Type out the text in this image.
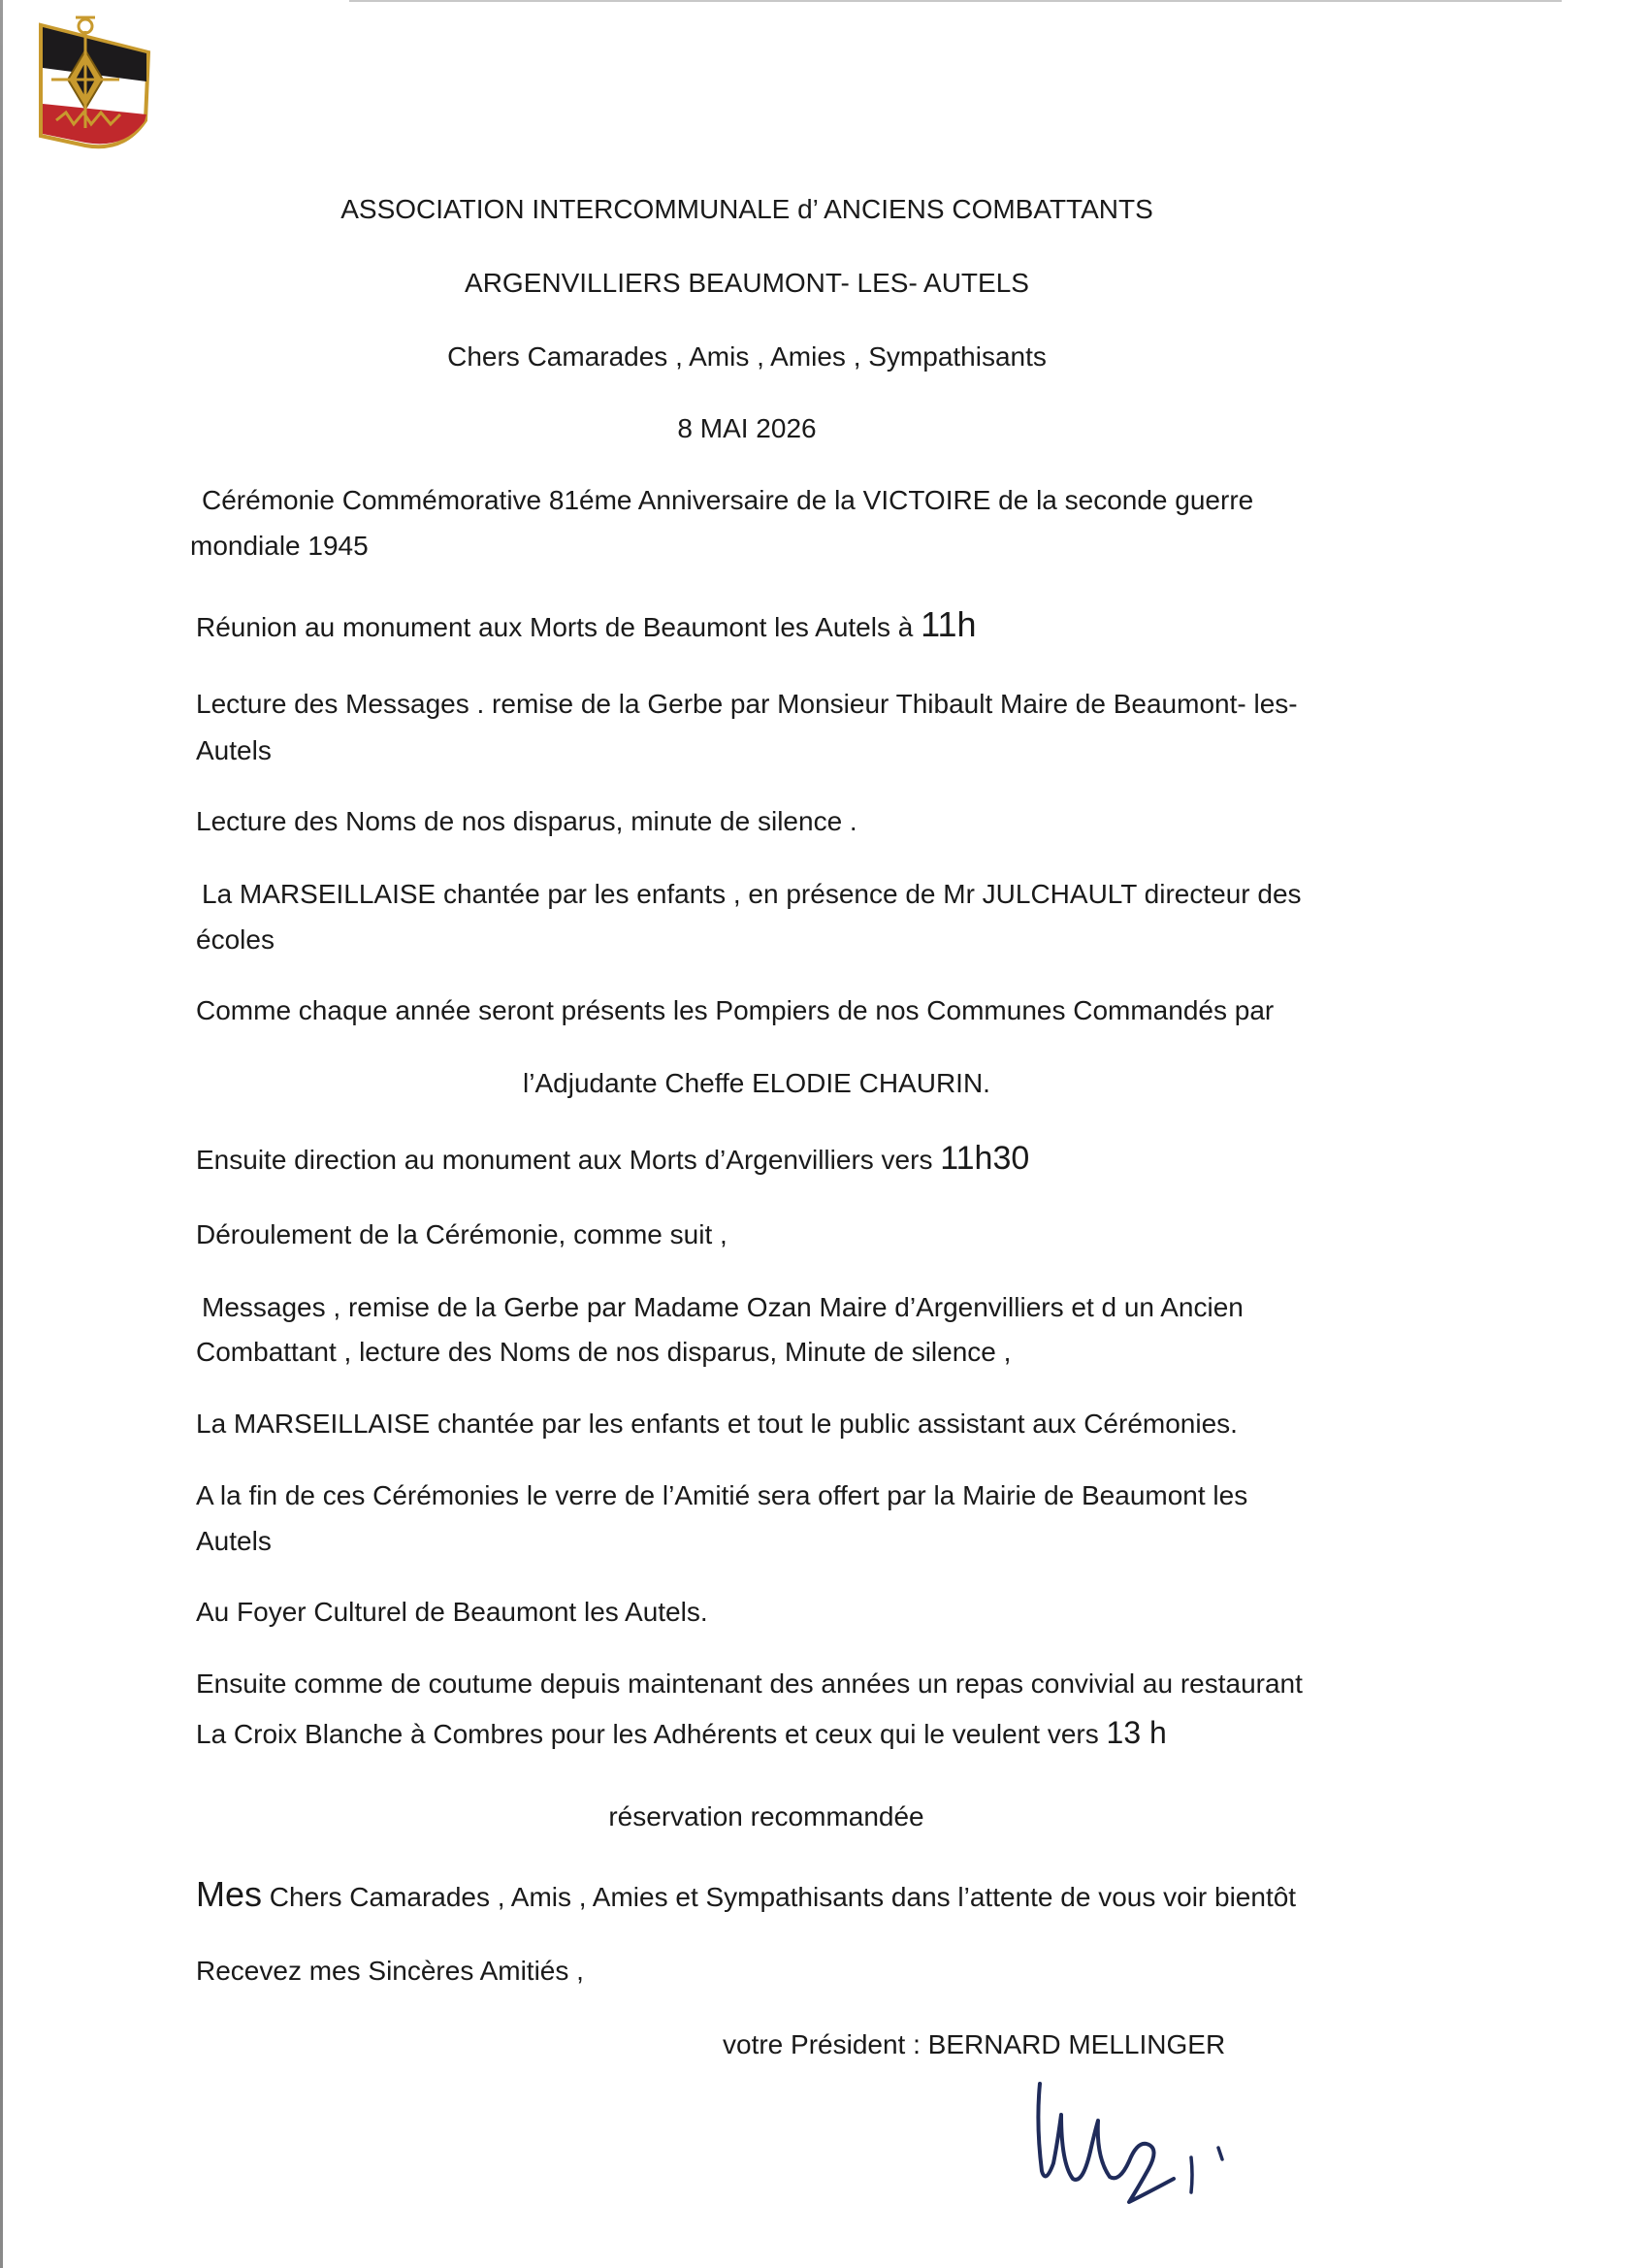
ASSOCIATION INTERCOMMUNALE d’ ANCIENS COMBATTANTS

ARGENVILLIERS BEAUMONT- LES- AUTELS

Chers Camarades , Amis , Amies , Sympathisants

8 MAI 2026

Cérémonie Commémorative 81éme Anniversaire de la VICTOIRE de la seconde guerre

mondiale 1945

Réunion au monument aux Morts de Beaumont les Autels à 11h

Lecture des Messages . remise de la Gerbe par Monsieur Thibault Maire de Beaumont- les-

Autels

Lecture des Noms de nos disparus, minute de silence .

La MARSEILLAISE chantée par les enfants , en présence de Mr JULCHAULT directeur des

écoles

Comme chaque année seront présents les Pompiers de nos Communes Commandés par

l’Adjudante Cheffe ELODIE CHAURIN.

Ensuite direction au monument aux Morts d’Argenvilliers vers 11h30

Déroulement de la Cérémonie, comme suit ,

Messages , remise de la Gerbe par Madame Ozan Maire d’Argenvilliers et d un Ancien

Combattant , lecture des Noms de nos disparus, Minute de silence ,

La MARSEILLAISE chantée par les enfants et tout le public assistant aux Cérémonies.

A la fin de ces Cérémonies le verre de l’Amitié sera offert par la Mairie de Beaumont les

Autels

Au Foyer Culturel de Beaumont les Autels.

Ensuite comme de coutume depuis maintenant des années un repas convivial au restaurant

La Croix Blanche à Combres pour les Adhérents et ceux qui le veulent vers 13 h

réservation recommandée

Mes Chers Camarades , Amis , Amies et Sympathisants dans l’attente de vous voir bientôt

Recevez mes Sincères Amitiés ,

votre Président : BERNARD MELLINGER
